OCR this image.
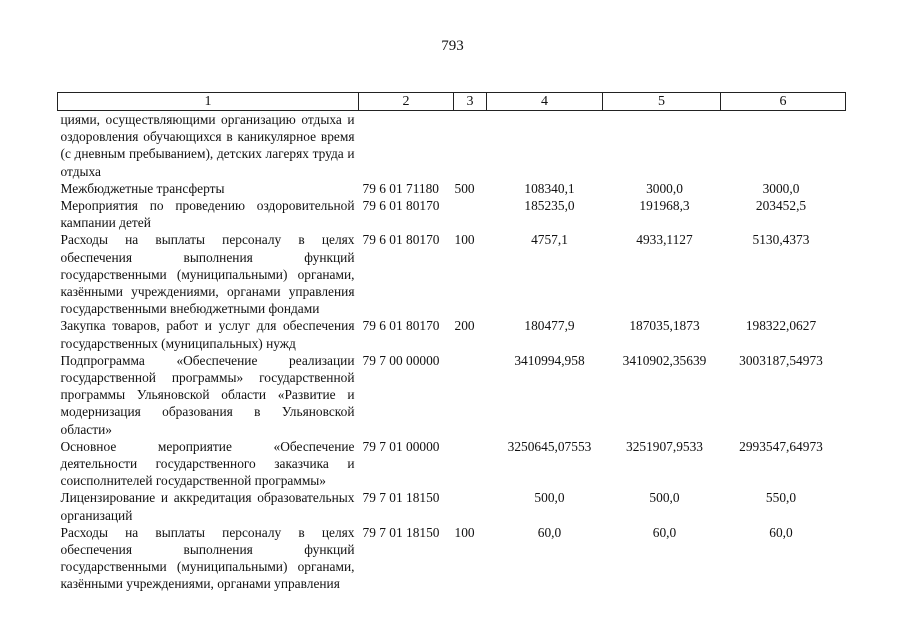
793
1	2	3	4	5	6
циями, осуществляющими организацию отдыха и оздоровления обучающихся в каникулярное время (с дневным пребыванием), детских лагерях труда и отдыха					
Межбюджетные трансферты	79 6 01 71180	500	108340,1	3000,0	3000,0
Мероприятия по проведению оздоровительной кампании детей	79 6 01 80170		185235,0	191968,3	203452,5
Расходы на выплаты персоналу в целях обеспечения выполнения функций государственными (муниципальными) органами, казёнными учреждениями, органами управления государственными внебюджетными фондами	79 6 01 80170	100	4757,1	4933,1127	5130,4373
Закупка товаров, работ и услуг для обеспечения государственных (муниципальных) нужд	79 6 01 80170	200	180477,9	187035,1873	198322,0627
Подпрограмма «Обеспечение реализации государственной программы» государственной программы Ульяновской области «Развитие и модернизация образования в Ульяновской области»	79 7 00 00000		3410994,958	3410902,35639	3003187,54973
Основное мероприятие «Обеспечение деятельности государственного заказчика и соисполнителей государственной программы»	79 7 01 00000		3250645,07553	3251907,9533	2993547,64973
Лицензирование и аккредитация образовательных организаций	79 7 01 18150		500,0	500,0	550,0
Расходы на выплаты персоналу в целях обеспечения выполнения функций государственными (муниципальными) органами, казёнными учреждениями, органами управления	79 7 01 18150	100	60,0	60,0	60,0
